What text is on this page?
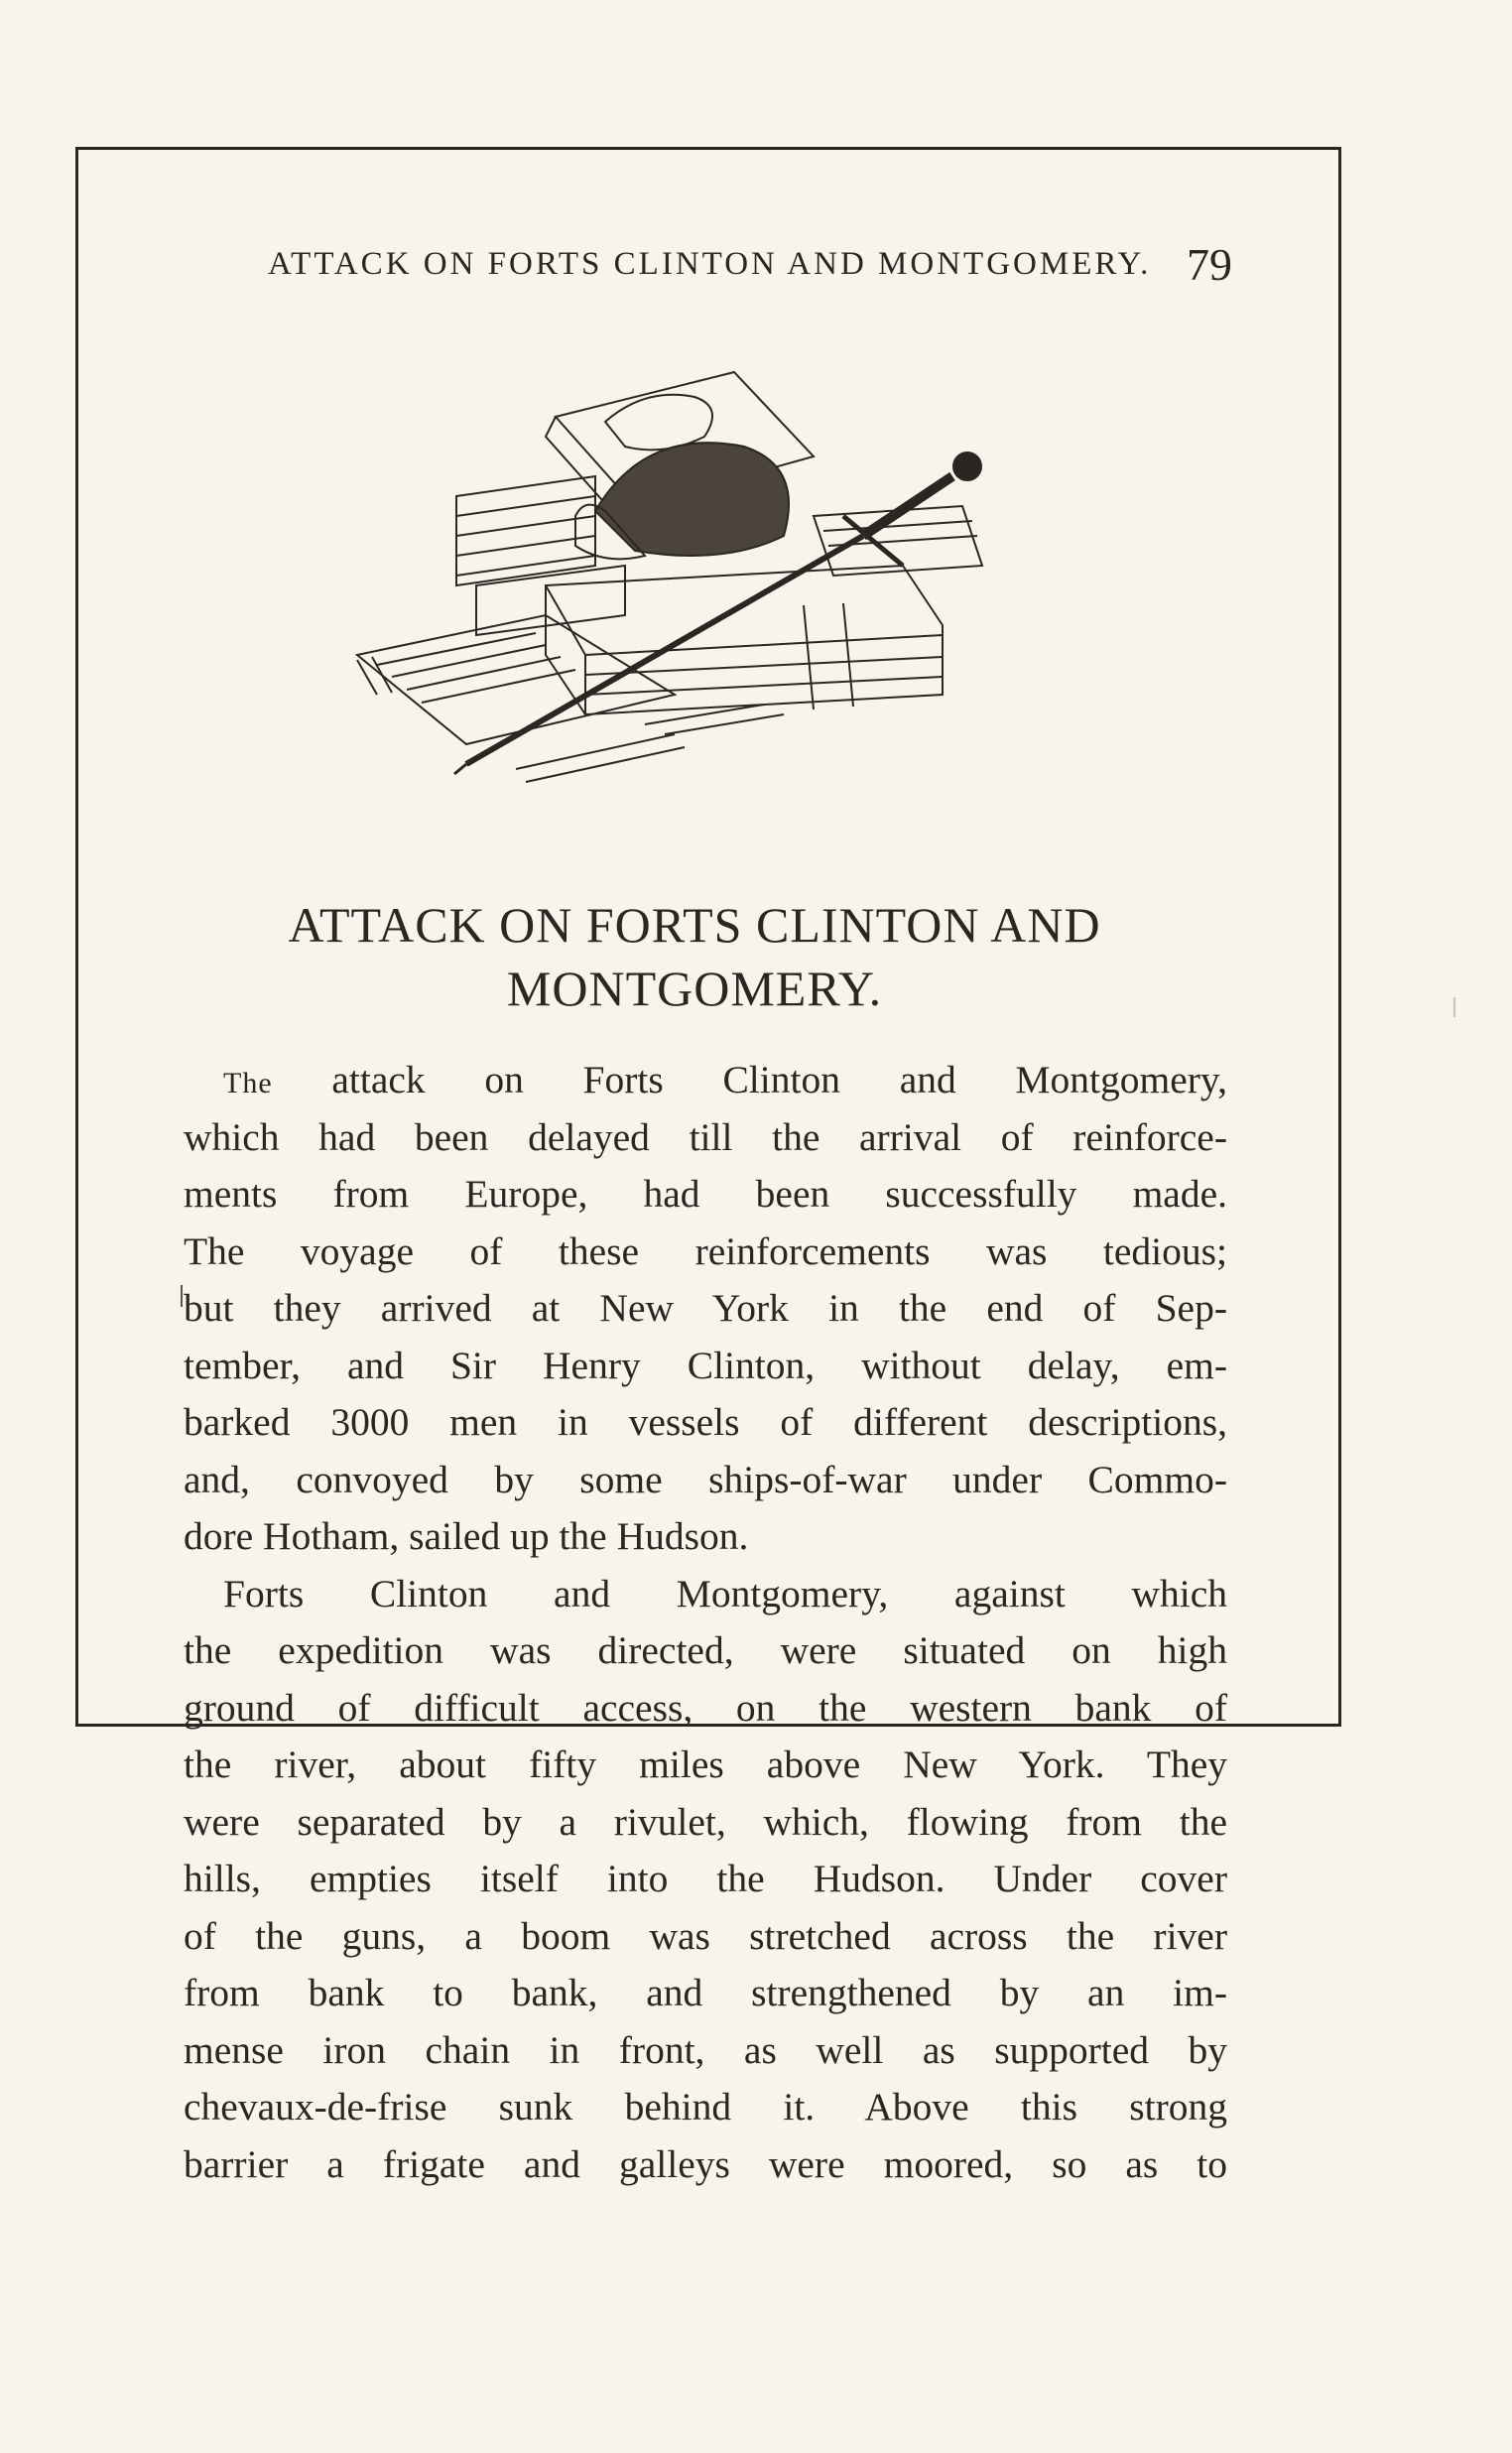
ATTACK ON FORTS CLINTON AND MONTGOMERY. 79
ATTACK ON FORTS CLINTON AND
MONTGOMERY.
The attack on Forts Clinton and Montgomery,
which had been delayed till the arrival of reinforce-
ments from Europe, had been successfully made.
The voyage of these reinforcements was tedious;
but they arrived at New York in the end of Sep-
tember, and Sir Henry Clinton, without delay, em-
barked 3000 men in vessels of different descriptions,
and, convoyed by some ships-of-war under Commo-
dore Hotham, sailed up the Hudson.
Forts Clinton and Montgomery, against which
the expedition was directed, were situated on high
ground of difficult access, on the western bank of
the river, about fifty miles above New York. They
were separated by a rivulet, which, flowing from the
hills, empties itself into the Hudson. Under cover
of the guns, a boom was stretched across the river
from bank to bank, and strengthened by an im-
mense iron chain in front, as well as supported by
chevaux-de-frise sunk behind it. Above this strong
barrier a frigate and galleys were moored, so as to
